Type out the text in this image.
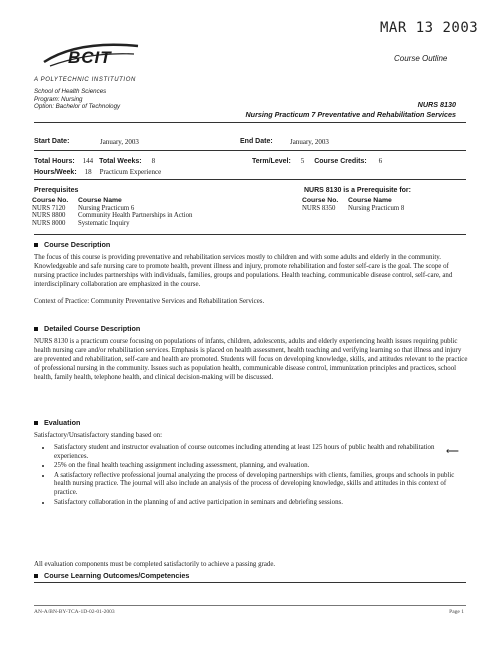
MAR 13 2003
Course Outline
BCIT
A POLYTECHNIC INSTITUTION
School of Health Sciences
Program: Nursing
Option: Bachelor of Technology	NURS 8130
Nursing Practicum 7 Preventative and Rehabilitation Services
Start Date:	January, 2003	End Date: January, 2003
Total Hours: 144 Total Weeks: 8	Term/Level: 5 Course Credits: 6
Hours/Week: 18 Practicum Experience
Prerequisites
Course No.	Course Name
NURS 7120	Nursing Practicum 6
NURS 8800	Community Health Partnerships in Action
NURS 8000	Systematic Inquiry
NURS 8130 is a Prerequisite for:
Course No.	Course Name
NURS 8350	Nursing Practicum 8
Course Description
The focus of this course is providing preventative and rehabilitation services mostly to children and with some adults and elderly in the community. Knowledgeable and safe nursing care to promote health, prevent illness and injury, promote rehabilitation and foster self-care is the goal. The scope of nursing practice includes partnerships with individuals, families, groups and populations. Health teaching, communicable disease control, self-care, and interdisciplinary collaboration are emphasized in the course.
Context of Practice: Community Preventative Services and Rehabilitation Services.
Detailed Course Description
NURS 8130 is a practicum course focusing on populations of infants, children, adolescents, adults and elderly experiencing health issues requiring public health nursing care and/or rehabilitation services. Emphasis is placed on health assessment, health teaching and verifying learning so that illness and injury are prevented and rehabilitation, self-care and health are promoted. Students will focus on developing knowledge, skills, and attitudes relevant to the practice of professional nursing in the community. Issues such as population health, communicable disease control, immunization principles and practices, school health, family health, telephone health, and clinical decision-making will be discussed.
Evaluation
Satisfactory/Unsatisfactory standing based on:
• Satisfactory student and instructor evaluation of course outcomes including attending at least 125 hours of public health and rehabilitation experiences.
• 25% on the final health teaching assignment including assessment, planning, and evaluation.
• A satisfactory reflective professional journal analyzing the process of developing partnerships with clients, families, groups and schools in public health nursing practice. The journal will also include an analysis of the process of developing knowledge, skills and attitudes in this context of practice.
• Satisfactory collaboration in the planning of and active participation in seminars and debriefing sessions.
⟵
All evaluation components must be completed satisfactorily to achieve a passing grade.
Course Learning Outcomes/Competencies
AN-A/BN-BY-TCA-1D-02-01-2003	Page 1
